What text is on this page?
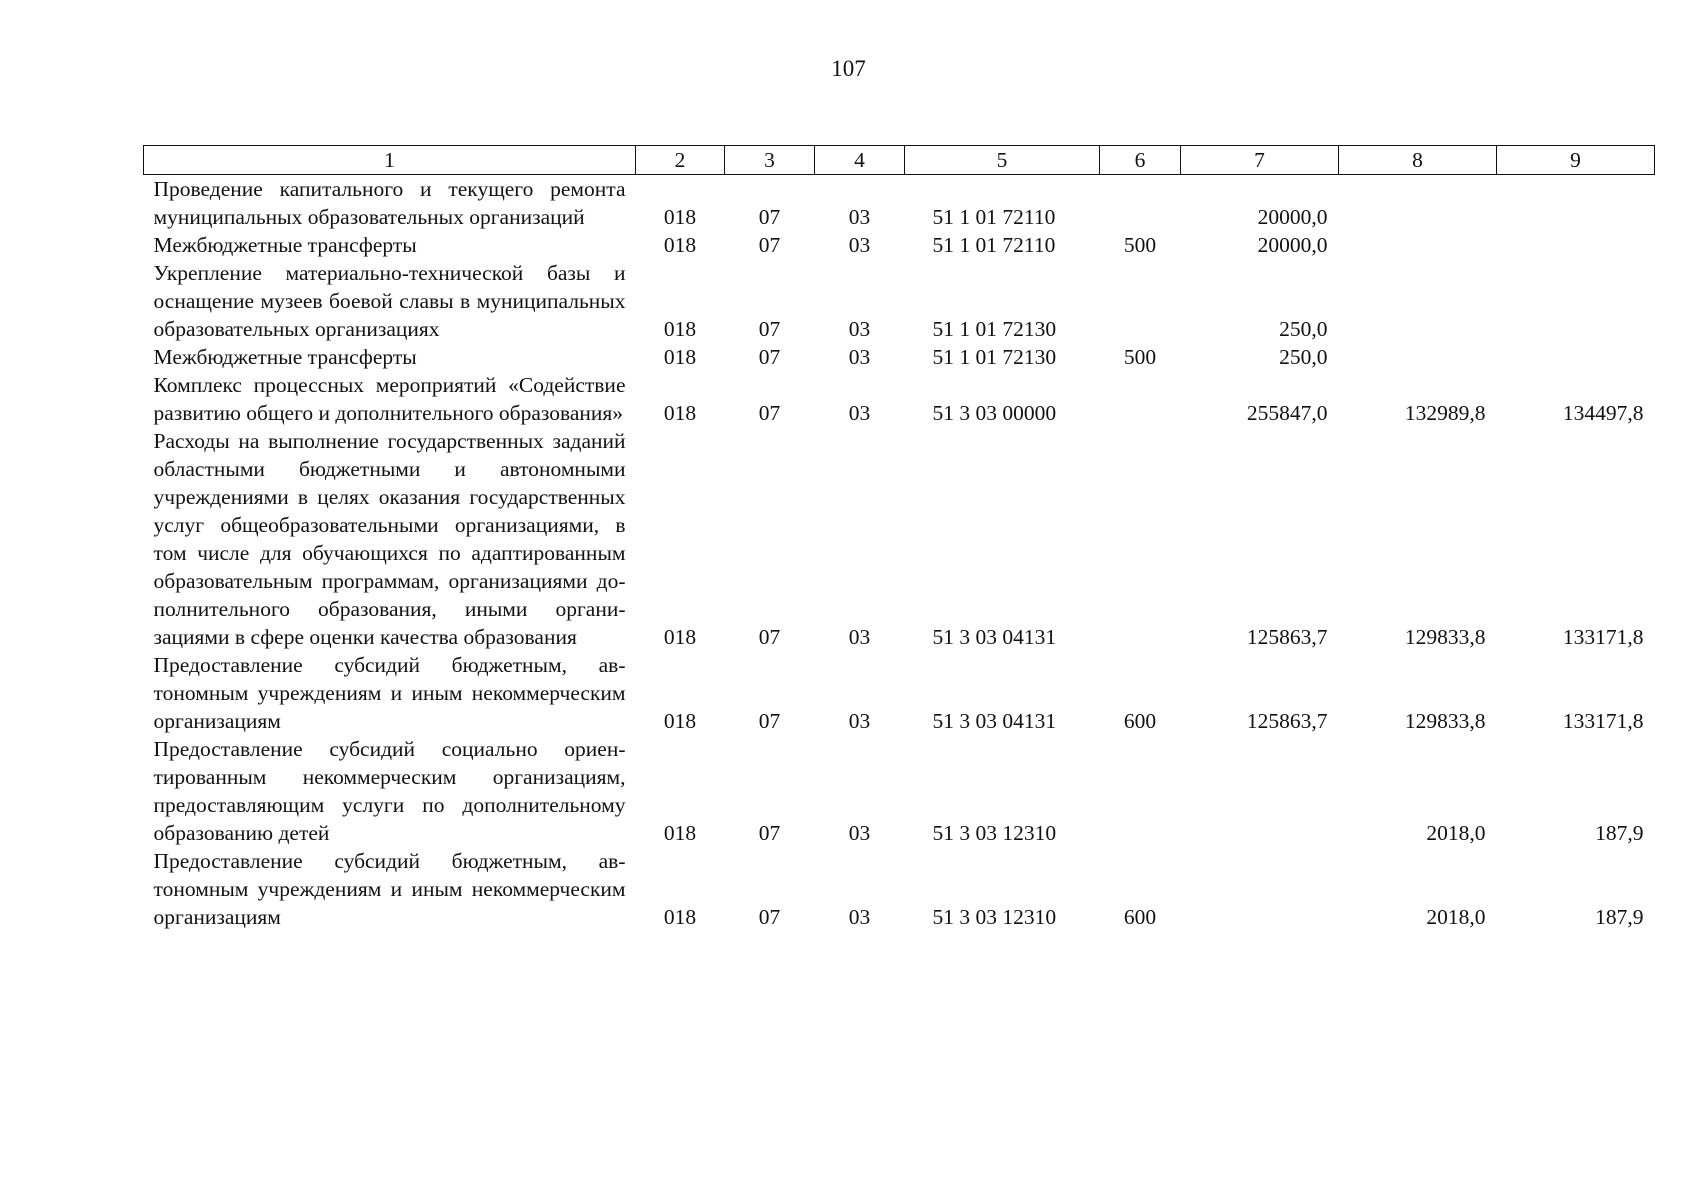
107
1	2	3	4	5	6	7	8	9
Проведение капитального и текущего ремонта муниципальных образовательных организаций	018	07	03	51 1 01 72110		20000,0		
Межбюджетные трансферты	018	07	03	51 1 01 72110	500	20000,0		
Укрепление материально-технической базы и оснащение музеев боевой славы в муниципальных образовательных организациях	018	07	03	51 1 01 72130		250,0		
Межбюджетные трансферты	018	07	03	51 1 01 72130	500	250,0		
Комплекс процессных мероприятий «Содействие развитию общего и дополнительного образования»	018	07	03	51 3 03 00000		255847,0	132989,8	134497,8
Расходы на выполнение государственных заданий областными бюджетными и автономными учреждениями в целях оказания государственных услуг общеобразовательными организациями, в том числе для обучающихся по адаптированным образовательным программам, организациями дополнительного образования, иными организациями в сфере оценки качества образования	018	07	03	51 3 03 04131		125863,7	129833,8	133171,8
Предоставление субсидий бюджетным, автономным учреждениям и иным некоммерческим организациям	018	07	03	51 3 03 04131	600	125863,7	129833,8	133171,8
Предоставление субсидий социально ориентированным некоммерческим организациям, предоставляющим услуги по дополнительному образованию детей	018	07	03	51 3 03 12310			2018,0	187,9
Предоставление субсидий бюджетным, автономным учреждениям и иным некоммерческим организациям	018	07	03	51 3 03 12310	600		2018,0	187,9
